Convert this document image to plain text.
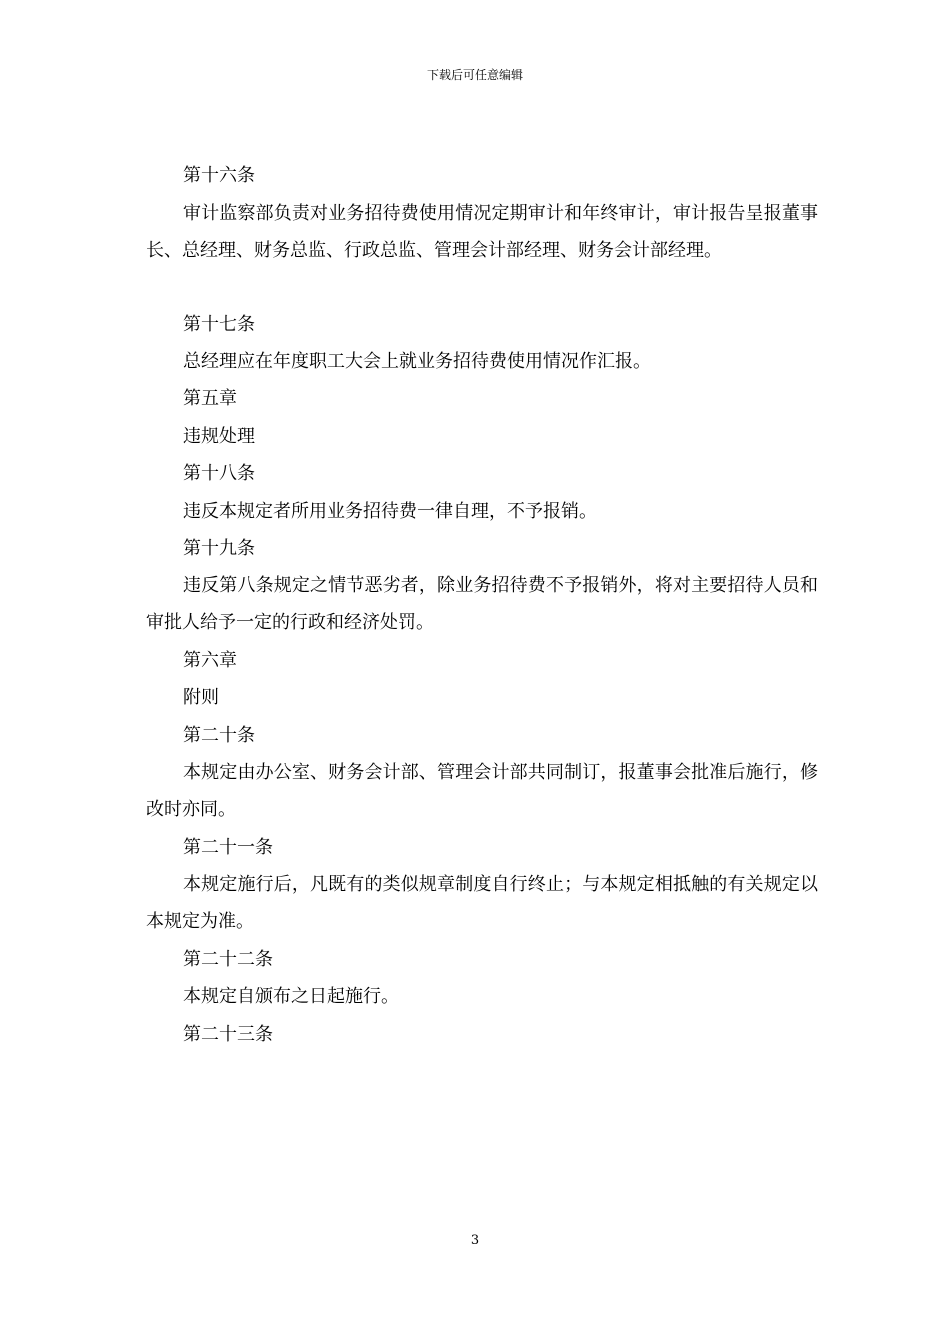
下载后可任意编辑

第十六条

审计监察部负责对业务招待费使用情况定期审计和年终审计，审计报告呈报董事长、总经理、财务总监、行政总监、管理会计部经理、财务会计部经理。

第十七条

总经理应在年度职工大会上就业务招待费使用情况作汇报。

第五章

违规处理

第十八条

违反本规定者所用业务招待费一律自理，不予报销。

第十九条

违反第八条规定之情节恶劣者，除业务招待费不予报销外，将对主要招待人员和审批人给予一定的行政和经济处罚。

第六章

附则

第二十条

本规定由办公室、财务会计部、管理会计部共同制订，报董事会批准后施行，修改时亦同。

第二十一条

本规定施行后，凡既有的类似规章制度自行终止；与本规定相抵触的有关规定以本规定为准。

第二十二条

本规定自颁布之日起施行。

第二十三条

3
